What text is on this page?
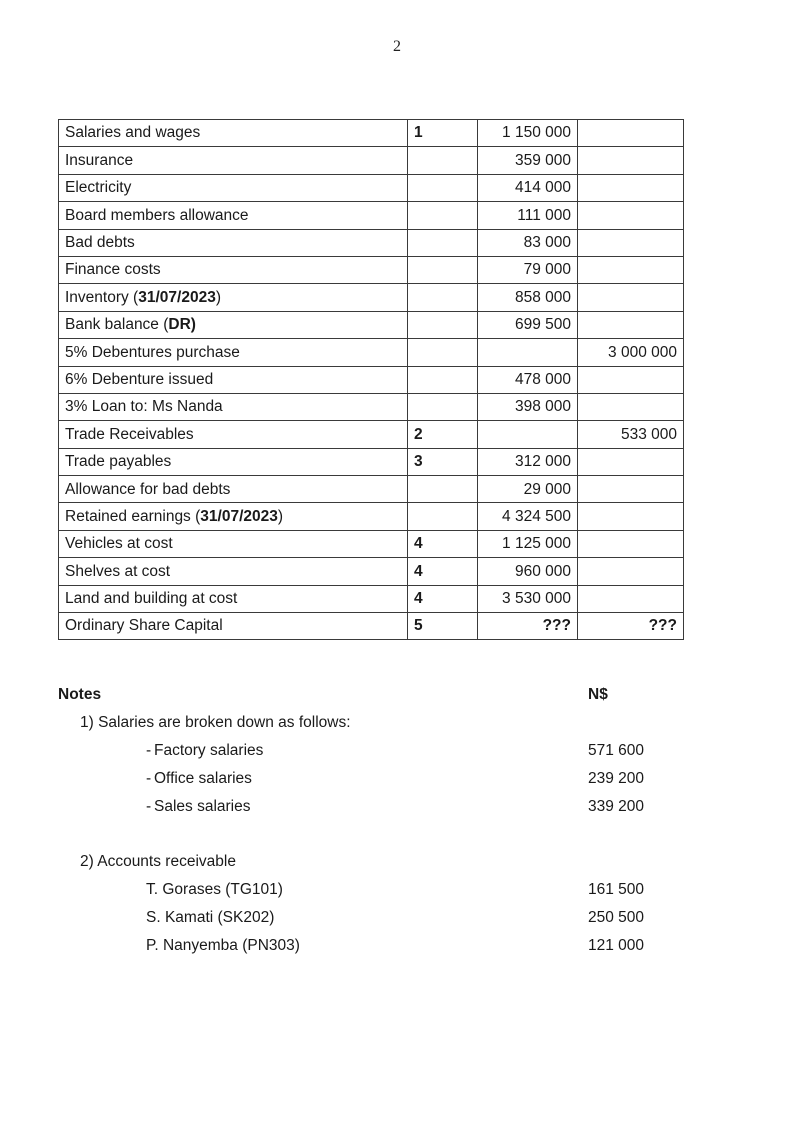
2
Salaries and wages	1	1 150 000	
Insurance		359 000	
Electricity		414 000	
Board members allowance		111 000	
Bad debts		83 000	
Finance costs		79 000	
Inventory (31/07/2023)		858 000	
Bank balance (DR)		699 500	
5% Debentures purchase			3 000 000
6% Debenture issued		478 000	
3% Loan to: Ms Nanda		398 000	
Trade Receivables	2		533 000
Trade payables	3	312 000	
Allowance for bad debts		29 000	
Retained earnings (31/07/2023)		4 324 500	
Vehicles at cost	4	1 125 000	
Shelves at cost	4	960 000	
Land and building at cost	4	3 530 000	
Ordinary Share Capital	5	???	???
Notes	N$
1) Salaries are broken down as follows:
- Factory salaries	571 600
- Office salaries	239 200
- Sales salaries	339 200
2) Accounts receivable
T. Gorases (TG101)	161 500
S. Kamati (SK202)	250 500
P. Nanyemba (PN303)	121 000
